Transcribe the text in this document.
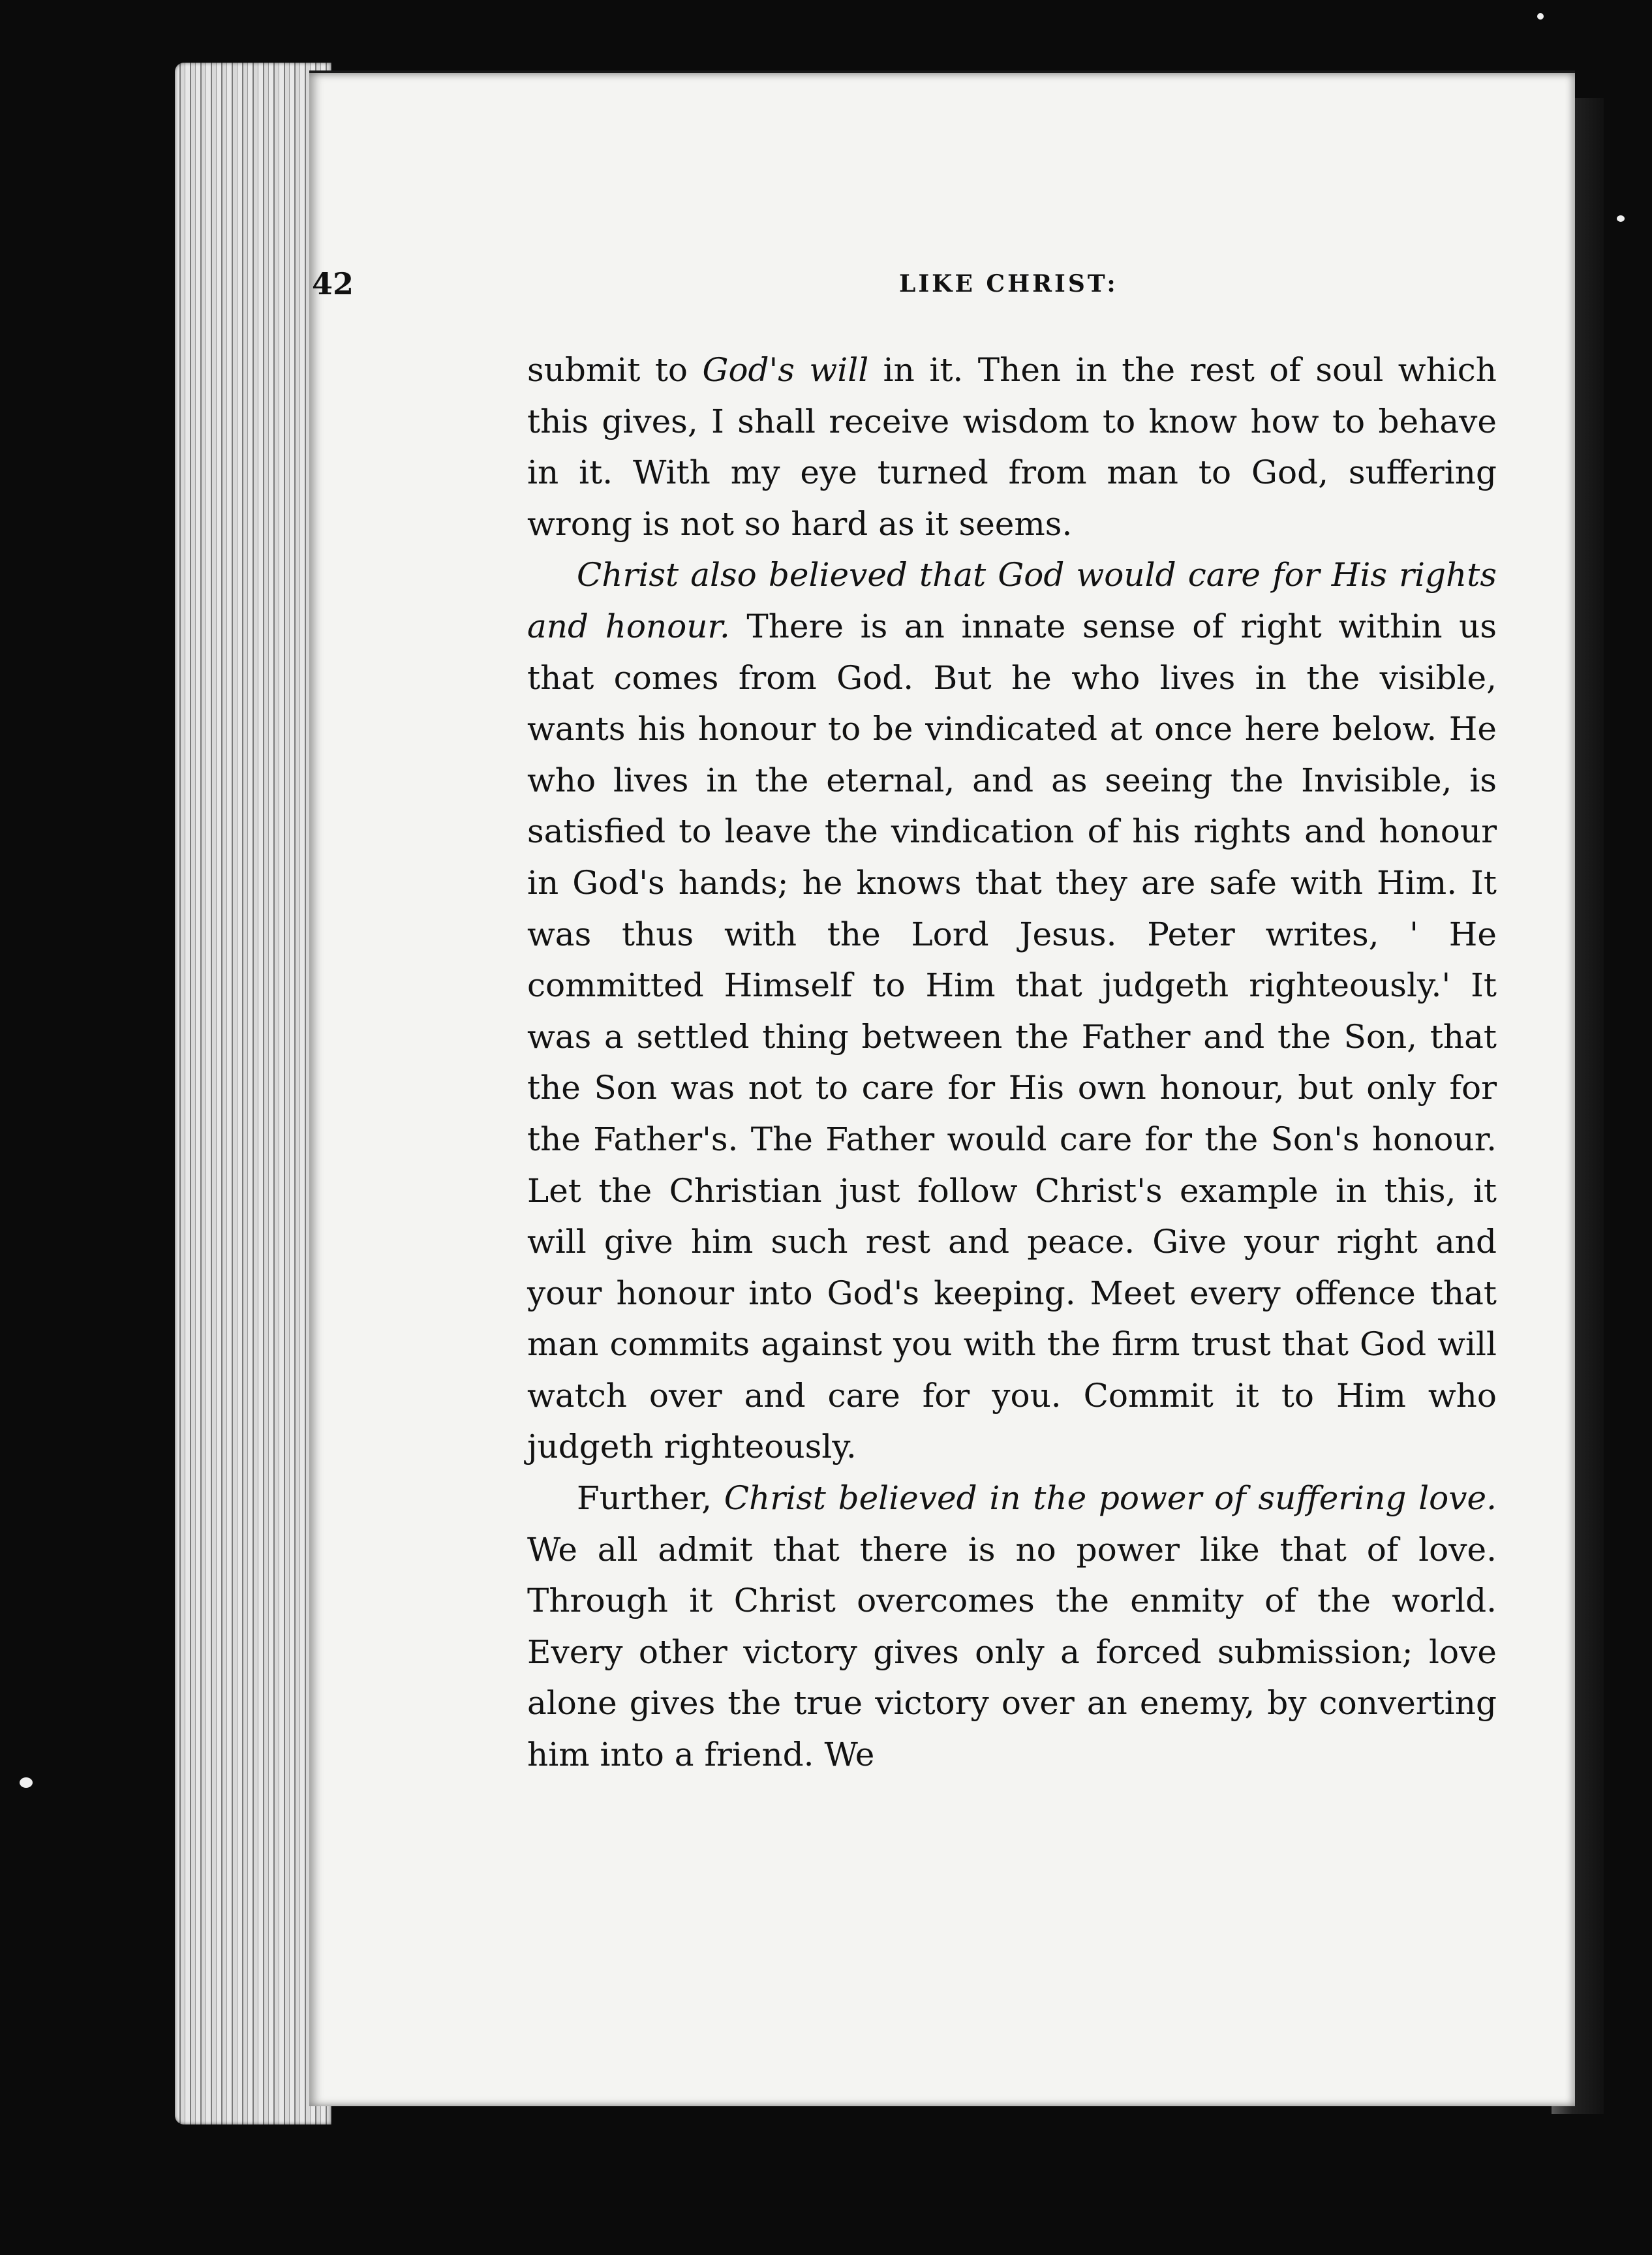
42	LIKE CHRIST:

submit to God's will in it. Then in the rest of soul which this gives, I shall receive wisdom to know how to behave in it. With my eye turned from man to God, suffering wrong is not so hard as it seems.

Christ also believed that God would care for His rights and honour. There is an innate sense of right within us that comes from God. But he who lives in the visible, wants his honour to be vindicated at once here below. He who lives in the eternal, and as seeing the Invisible, is satisfied to leave the vindication of his rights and honour in God's hands; he knows that they are safe with Him. It was thus with the Lord Jesus. Peter writes, ' He committed Himself to Him that judgeth righteously.' It was a settled thing between the Father and the Son, that the Son was not to care for His own honour, but only for the Father's. The Father would care for the Son's honour. Let the Christian just follow Christ's example in this, it will give him such rest and peace. Give your right and your honour into God's keeping. Meet every offence that man commits against you with the firm trust that God will watch over and care for you. Commit it to Him who judgeth righteously.

Further, Christ believed in the power of suffering love. We all admit that there is no power like that of love. Through it Christ overcomes the enmity of the world. Every other victory gives only a forced submission; love alone gives the true victory over an enemy, by converting him into a friend. We
